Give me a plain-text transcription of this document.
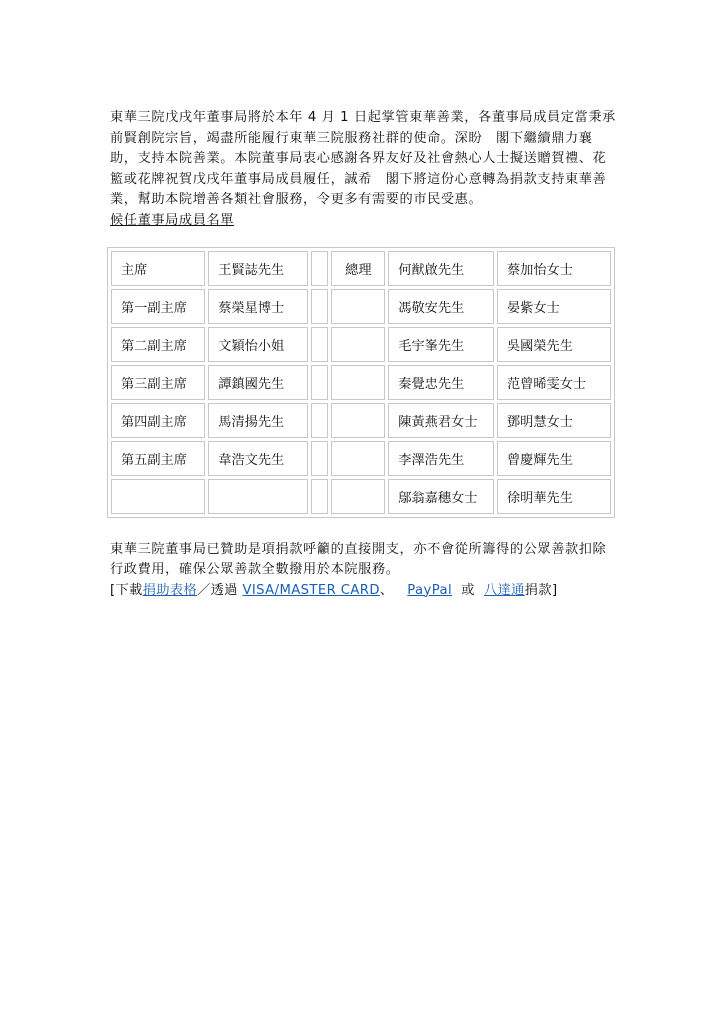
東華三院戊戌年董事局將於本年 4 月 1 日起掌管東華善業，各董事局成員定當秉承前賢創院宗旨，竭盡所能履行東華三院服務社群的使命。深盼　閣下繼續鼎力襄助，支持本院善業。本院董事局衷心感謝各界友好及社會熱心人士擬送贈賀禮、花籃或花牌祝賀戊戌年董事局成員履任，誠希　閣下將這份心意轉為捐款支持東華善業，幫助本院增善各類社會服務，令更多有需要的市民受惠。

候任董事局成員名單

主席	王賢誌先生		總理	何猷啟先生	蔡加怡女士
第一副主席	蔡榮星博士			馮敬安先生	晏紫女士
第二副主席	文穎怡小姐			毛宇峯先生	吳國榮先生
第三副主席	譚鎮國先生			秦覺忠先生	范曾晞雯女士
第四副主席	馬清揚先生			陳黃燕君女士	鄧明慧女士
第五副主席	韋浩文先生			李澤浩先生	曾慶輝先生
				鄔翁嘉穗女士	徐明華先生

東華三院董事局已贊助是項捐款呼籲的直接開支，亦不會從所籌得的公眾善款扣除行政費用，確保公眾善款全數撥用於本院服務。

[下載捐助表格／透過 VISA/MASTER CARD、 PayPal 或 八達通捐款]
